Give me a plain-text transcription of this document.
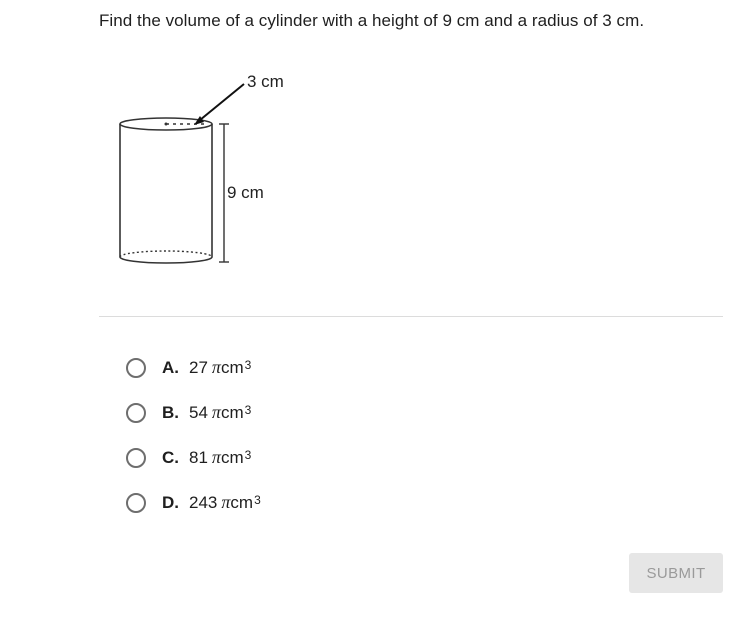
Find the volume of a cylinder with a height of 9 cm and a radius of 3 cm.
3 cm
9 cm
A. 27 π cm 3
B. 54 π cm 3
C. 81 π cm 3
D. 243 π cm 3
SUBMIT
